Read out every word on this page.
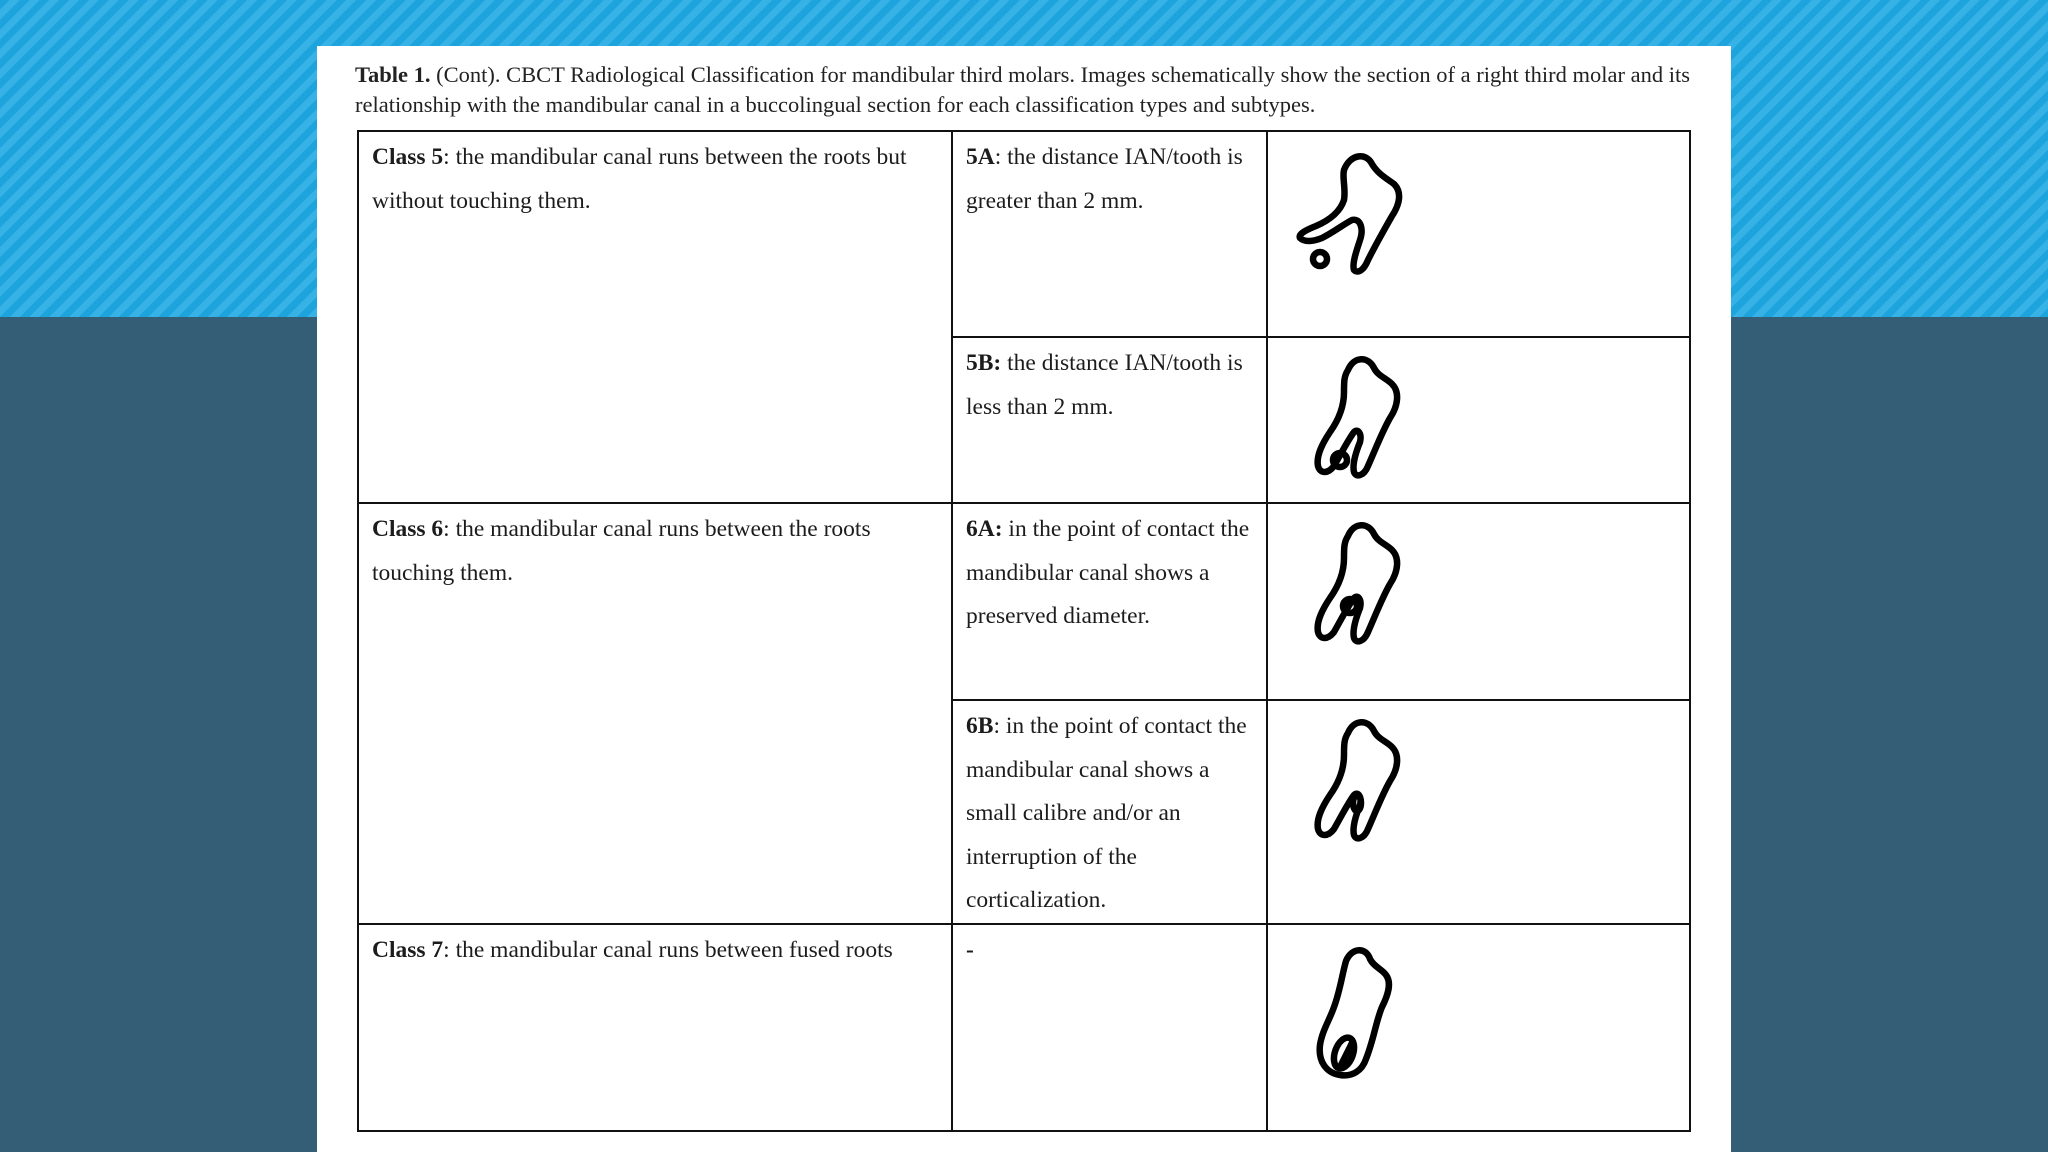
Table 1. (Cont). CBCT Radiological Classification for mandibular third molars. Images schematically show the section of a right third molar and its relationship with the mandibular canal in a buccolingual section for each classification types and subtypes.
Class 5: the mandibular canal runs between the roots but without touching them.	5A: the distance IAN/tooth is greater than 2 mm.

	5B: the distance IAN/tooth is less than 2 mm.

Class 6: the mandibular canal runs between the roots touching them.	6A: in the point of contact the mandibular canal shows a preserved diameter.

	6B: in the point of contact the mandibular canal shows a small calibre and/or an interruption of the corticalization.

Class 7: the mandibular canal runs between fused roots	-
